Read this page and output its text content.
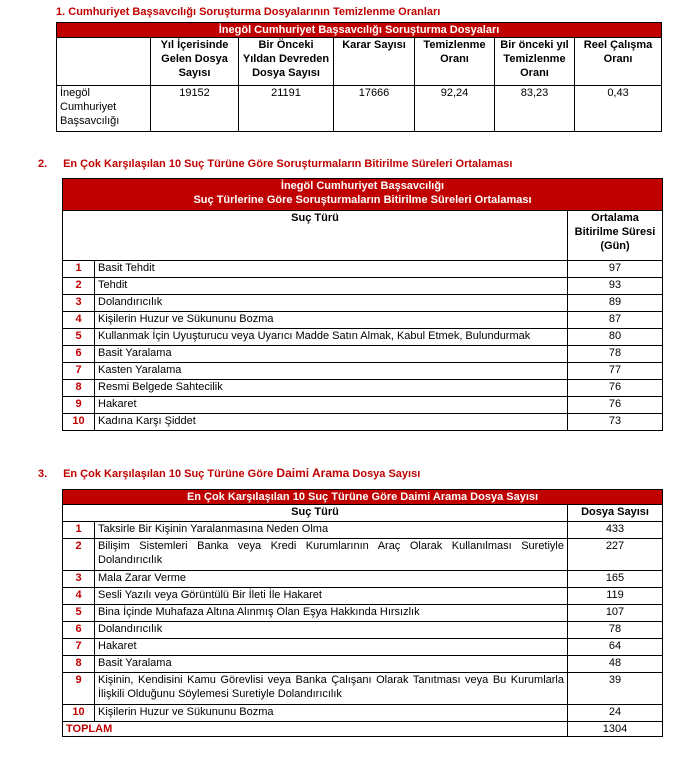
1. Cumhuriyet Başsavcılığı Soruşturma Dosyalarının Temizlenme Oranları
İnegöl Cumhuriyet Başsavcılığı Soruşturma Dosyaları						
	Yıl İçerisinde Gelen Dosya Sayısı	Bir Önceki Yıldan Devreden Dosya Sayısı	Karar Sayısı	Temizlenme Oranı	Bir önceki yıl Temizlenme Oranı	Reel Çalışma Oranı
İnegöl Cumhuriyet Başsavcılığı	19152	21191	17666	92,24	83,23	0,43
2. En Çok Karşılaşılan 10 Suç Türüne Göre Soruşturmaların Bitirilme Süreleri Ortalaması
İnegöl Cumhuriyet Başsavcılığı
Suç Türlerine Göre Soruşturmaların Bitirilme Süreleri Ortalaması		

Suç Türü		Ortalama Bitirilme Süresi (Gün)
1	Basit Tehdit	97
2	Tehdit	93
3	Dolandırıcılık	89
4	Kişilerin Huzur ve Sükununu Bozma	87
5	Kullanmak İçin Uyuşturucu veya Uyarıcı Madde Satın Almak, Kabul Etmek, Bulundurmak	80
6	Basit Yaralama	78
7	Kasten Yaralama	77
8	Resmi Belgede Sahtecilik	76
9	Hakaret	76
10	Kadına Karşı Şiddet	73
3. En Çok Karşılaşılan 10 Suç Türüne Göre Daimi Arama Dosya Sayısı
En Çok Karşılaşılan 10 Suç Türüne Göre Daimi Arama Dosya Sayısı		
Suç Türü		Dosya Sayısı
1	Taksirle Bir Kişinin Yaralanmasına Neden Olma	433
2	Bilişim Sistemleri Banka veya Kredi Kurumlarının Araç Olarak Kullanılması Suretiyle Dolandırıcılık	227
3	Mala Zarar Verme	165
4	Sesli Yazılı veya Görüntülü Bir İleti İle Hakaret	119
5	Bina İçinde Muhafaza Altına Alınmış Olan Eşya Hakkında Hırsızlık	107
6	Dolandırıcılık	78
7	Hakaret	64
8	Basit Yaralama	48
9	Kişinin, Kendisini Kamu Görevlisi veya Banka Çalışanı Olarak Tanıtması veya Bu Kurumlarla İlişkili Olduğunu Söylemesi Suretiyle Dolandırıcılık	39
10	Kişilerin Huzur ve Sükununu Bozma	24
TOPLAM		1304
